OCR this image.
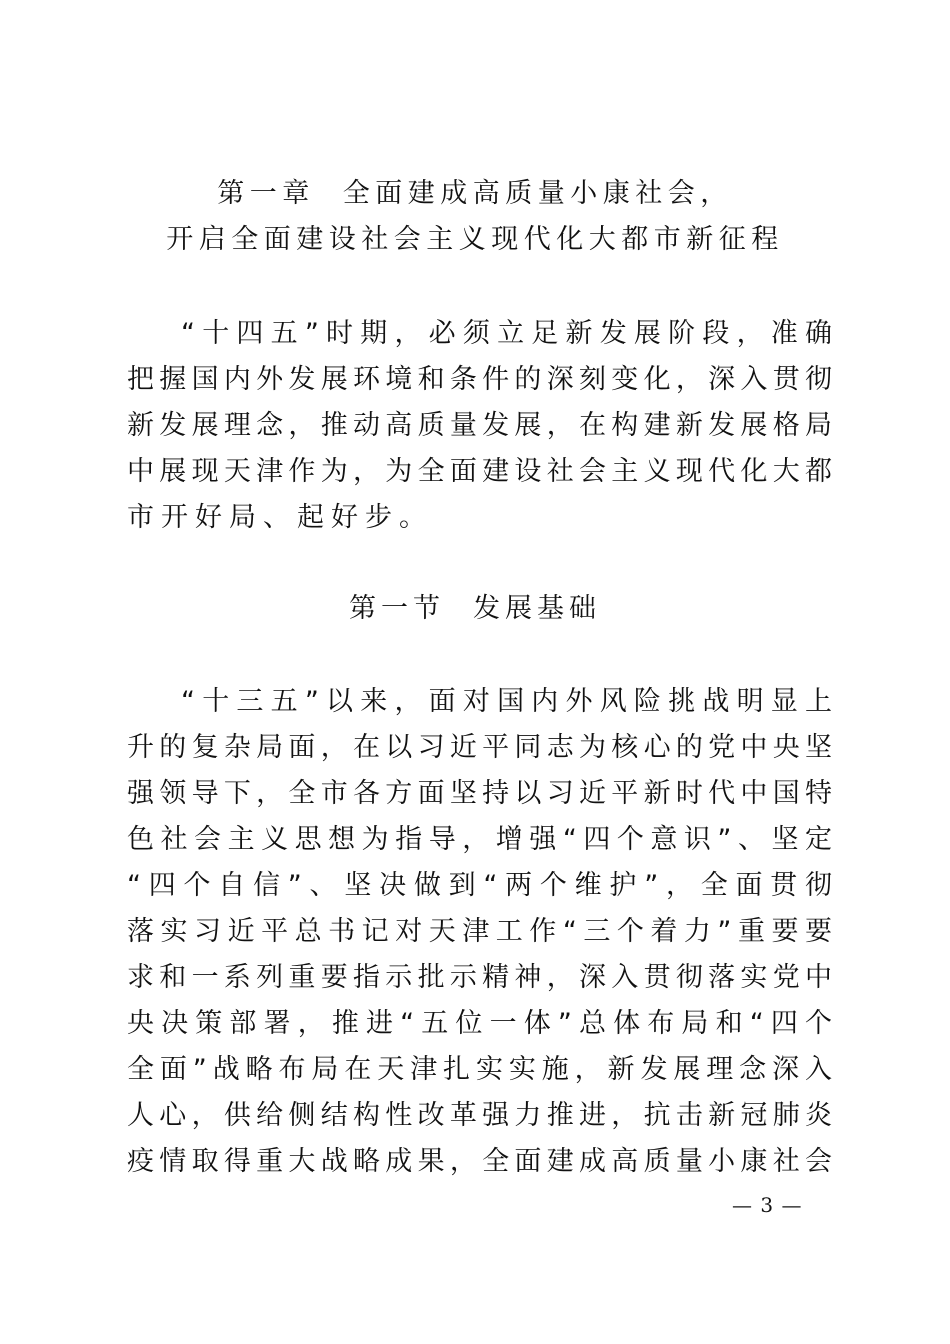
第一章 全面建成高质量小康社会，
开启全面建设社会主义现代化大都市新征程
“十四五”时期，必须立足新发展阶段，准确
把握国内外发展环境和条件的深刻变化，深入贯彻
新发展理念，推动高质量发展，在构建新发展格局
中展现天津作为，为全面建设社会主义现代化大都
市开好局、起好步。
第一节 发展基础
“十三五”以来，面对国内外风险挑战明显上
升的复杂局面，在以习近平同志为核心的党中央坚
强领导下，全市各方面坚持以习近平新时代中国特
色社会主义思想为指导，增强“四个意识”、坚定
“四个自信”、坚决做到“两个维护”，全面贯彻
落实习近平总书记对天津工作“三个着力”重要要
求和一系列重要指示批示精神，深入贯彻落实党中
央决策部署，推进“五位一体”总体布局和“四个
全面”战略布局在天津扎实实施，新发展理念深入
人心，供给侧结构性改革强力推进，抗击新冠肺炎
疫情取得重大战略成果，全面建成高质量小康社会
— 3 —
